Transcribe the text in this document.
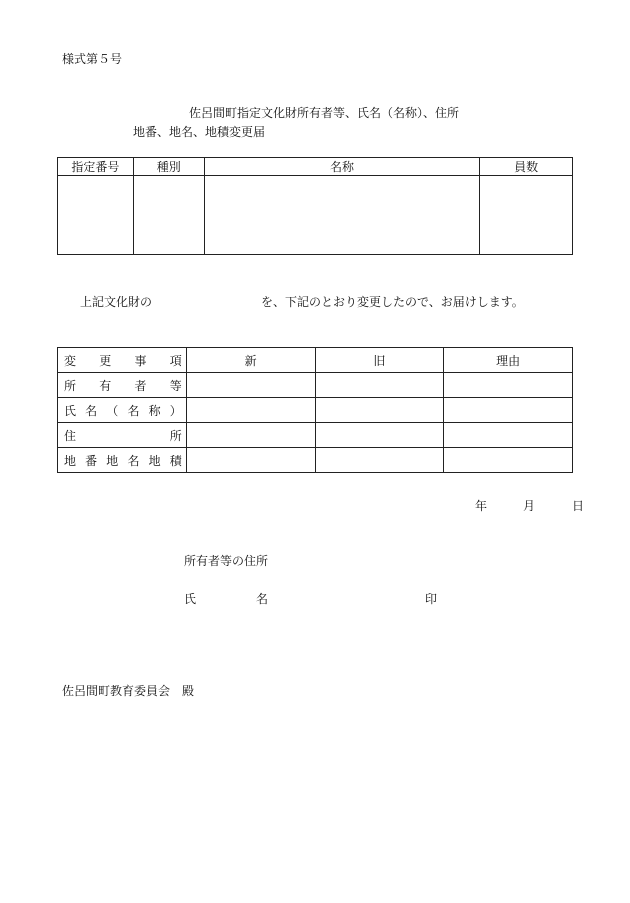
様式第５号
佐呂間町指定文化財所有者等、氏名（名称）、住所
地番、地名、地積変更届
指定番号	種別	名称	員数

上記文化財の	を、下記のとおり変更したので、お届けします。
変更事項	新	旧	理由
所有者等			
氏名（名称）			
住所			
地番地名地積			
年	月	日
所有者等の住所
氏	名	印
佐呂間町教育委員会　殿
